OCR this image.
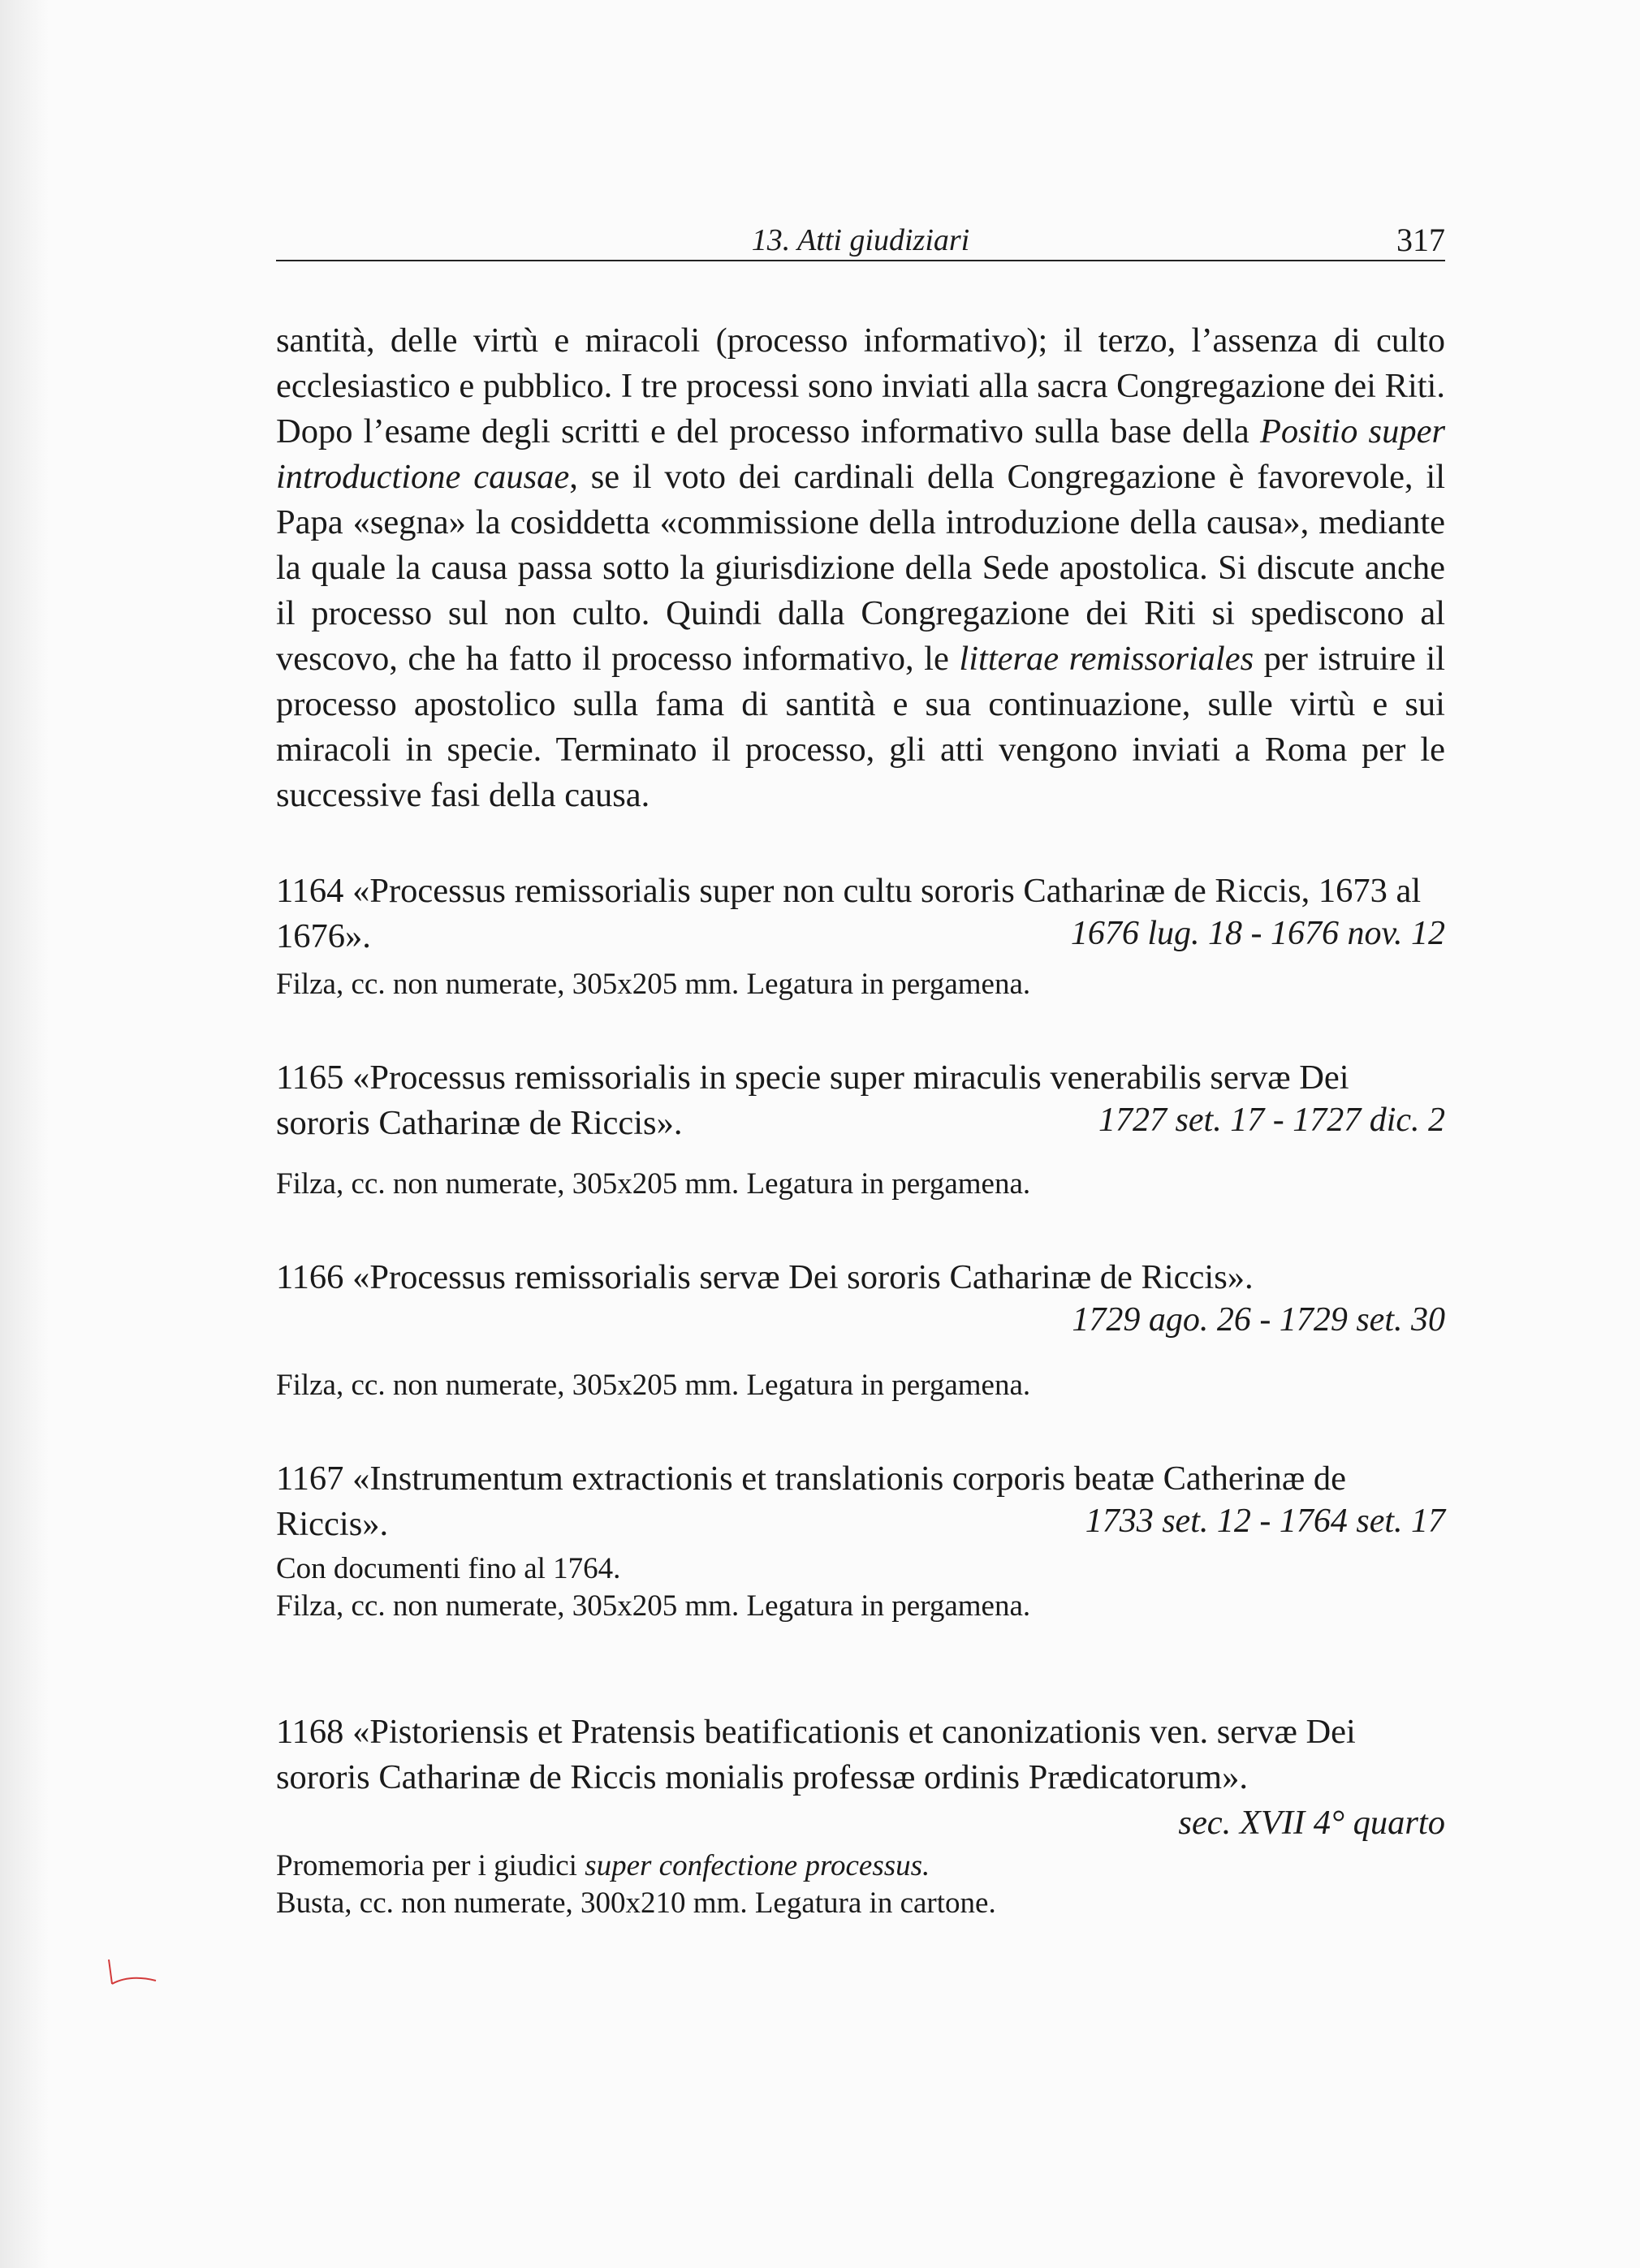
13. Atti giudiziari	317

santità, delle virtù e miracoli (processo informativo); il terzo, l’assenza di culto ecclesiastico e pubblico. I tre processi sono inviati alla sacra Congregazione dei Riti. Dopo l’esame degli scritti e del processo informativo sulla base della Positio super introductione causae, se il voto dei cardinali della Congregazione è favorevole, il Papa «segna» la cosiddetta «commissione della introduzione della causa», mediante la quale la causa passa sotto la giurisdizione della Sede apostolica. Si discute anche il processo sul non culto. Quindi dalla Congregazione dei Riti si spediscono al vescovo, che ha fatto il processo informativo, le litterae remissoriales per istruire il processo apostolico sulla fama di santità e sua continuazione, sulle virtù e sui miracoli in specie. Terminato il processo, gli atti vengono inviati a Roma per le successive fasi della causa.

1164 «Processus remissorialis super non cultu sororis Catharinæ de Riccis, 1673 al 1676».	1676 lug. 18 - 1676 nov. 12

Filza, cc. non numerate, 305x205 mm. Legatura in pergamena.

1165 «Processus remissorialis in specie super miraculis venerabilis servæ Dei sororis Catharinæ de Riccis».	1727 set. 17 - 1727 dic. 2

Filza, cc. non numerate, 305x205 mm. Legatura in pergamena.

1166 «Processus remissorialis servæ Dei sororis Catharinæ de Riccis».

1729 ago. 26 - 1729 set. 30

Filza, cc. non numerate, 305x205 mm. Legatura in pergamena.

1167 «Instrumentum extractionis et translationis corporis beatæ Catherinæ de Riccis».	1733 set. 12 - 1764 set. 17

Con documenti fino al 1764.

Filza, cc. non numerate, 305x205 mm. Legatura in pergamena.

1168 «Pistoriensis et Pratensis beatificationis et canonizationis ven. servæ Dei sororis Catharinæ de Riccis monialis professæ ordinis Prædicatorum».

sec. XVII 4° quarto

Promemoria per i giudici super confectione processus.

Busta, cc. non numerate, 300x210 mm. Legatura in cartone.
